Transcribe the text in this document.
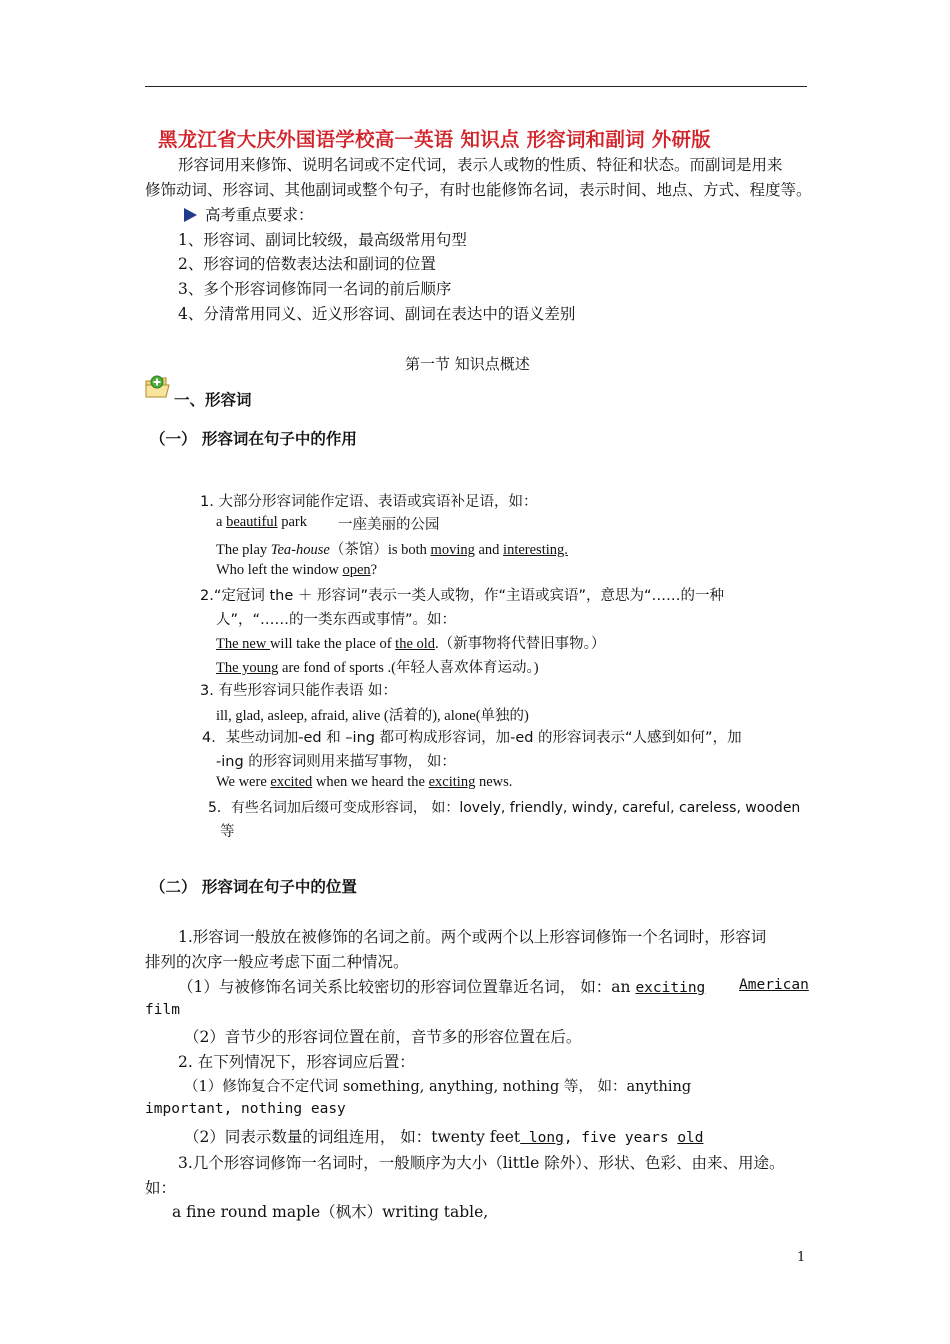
黑龙江省大庆外国语学校高一英语 知识点 形容词和副词 外研版
形容词用来修饰、说明名词或不定代词，表示人或物的性质、特征和状态。而副词是用来
修饰动词、形容词、其他副词或整个句子，有时也能修饰名词，表示时间、地点、方式、程度等。
高考重点要求：
1、形容词、副词比较级，最高级常用句型
2、形容词的倍数表达法和副词的位置
3、多个形容词修饰同一名词的前后顺序
4、分清常用同义、近义形容词、副词在表达中的语义差别
第一节 知识点概述
一、形容词
（一） 形容词在句子中的作用
1. 大部分形容词能作定语、表语或宾语补足语，如：
a beautiful park 一座美丽的公园
The play Tea-house（茶馆）is both moving and interesting.
Who left the window open?
2.“定冠词 the ＋ 形容词”表示一类人或物，作“主语或宾语”，意思为“……的一种
人”，“……的一类东西或事情”。如：
The new will take the place of the old.（新事物将代替旧事物。）
The young are fond of sports .(年轻人喜欢体育运动。)
3. 有些形容词只能作表语 如：
ill, glad, asleep, afraid, alive (活着的), alone(单独的)
4．某些动词加-ed 和 –ing 都可构成形容词，加-ed 的形容词表示“人感到如何”，加
-ing 的形容词则用来描写事物， 如：
We were excited when we heard the exciting news.
5．有些名词加后缀可变成形容词， 如：lovely, friendly, windy, careful, careless, wooden
等
（二） 形容词在句子中的位置
1.形容词一般放在被修饰的名词之前。两个或两个以上形容词修饰一个名词时，形容词
排列的次序一般应考虑下面二种情况。
（1）与被修饰名词关系比较密切的形容词位置靠近名词， 如：an exciting American
film
（2）音节少的形容词位置在前，音节多的形容位置在后。
2. 在下列情况下，形容词应后置：
（1）修饰复合不定代词 something, anything, nothing 等， 如：anything
important, nothing easy
（2）同表示数量的词组连用， 如：twenty feet long, five years old
3.几个形容词修饰一名词时，一般顺序为大小（little 除外）、形状、色彩、由来、用途。
如：
a fine round maple（枫木）writing table,
1
